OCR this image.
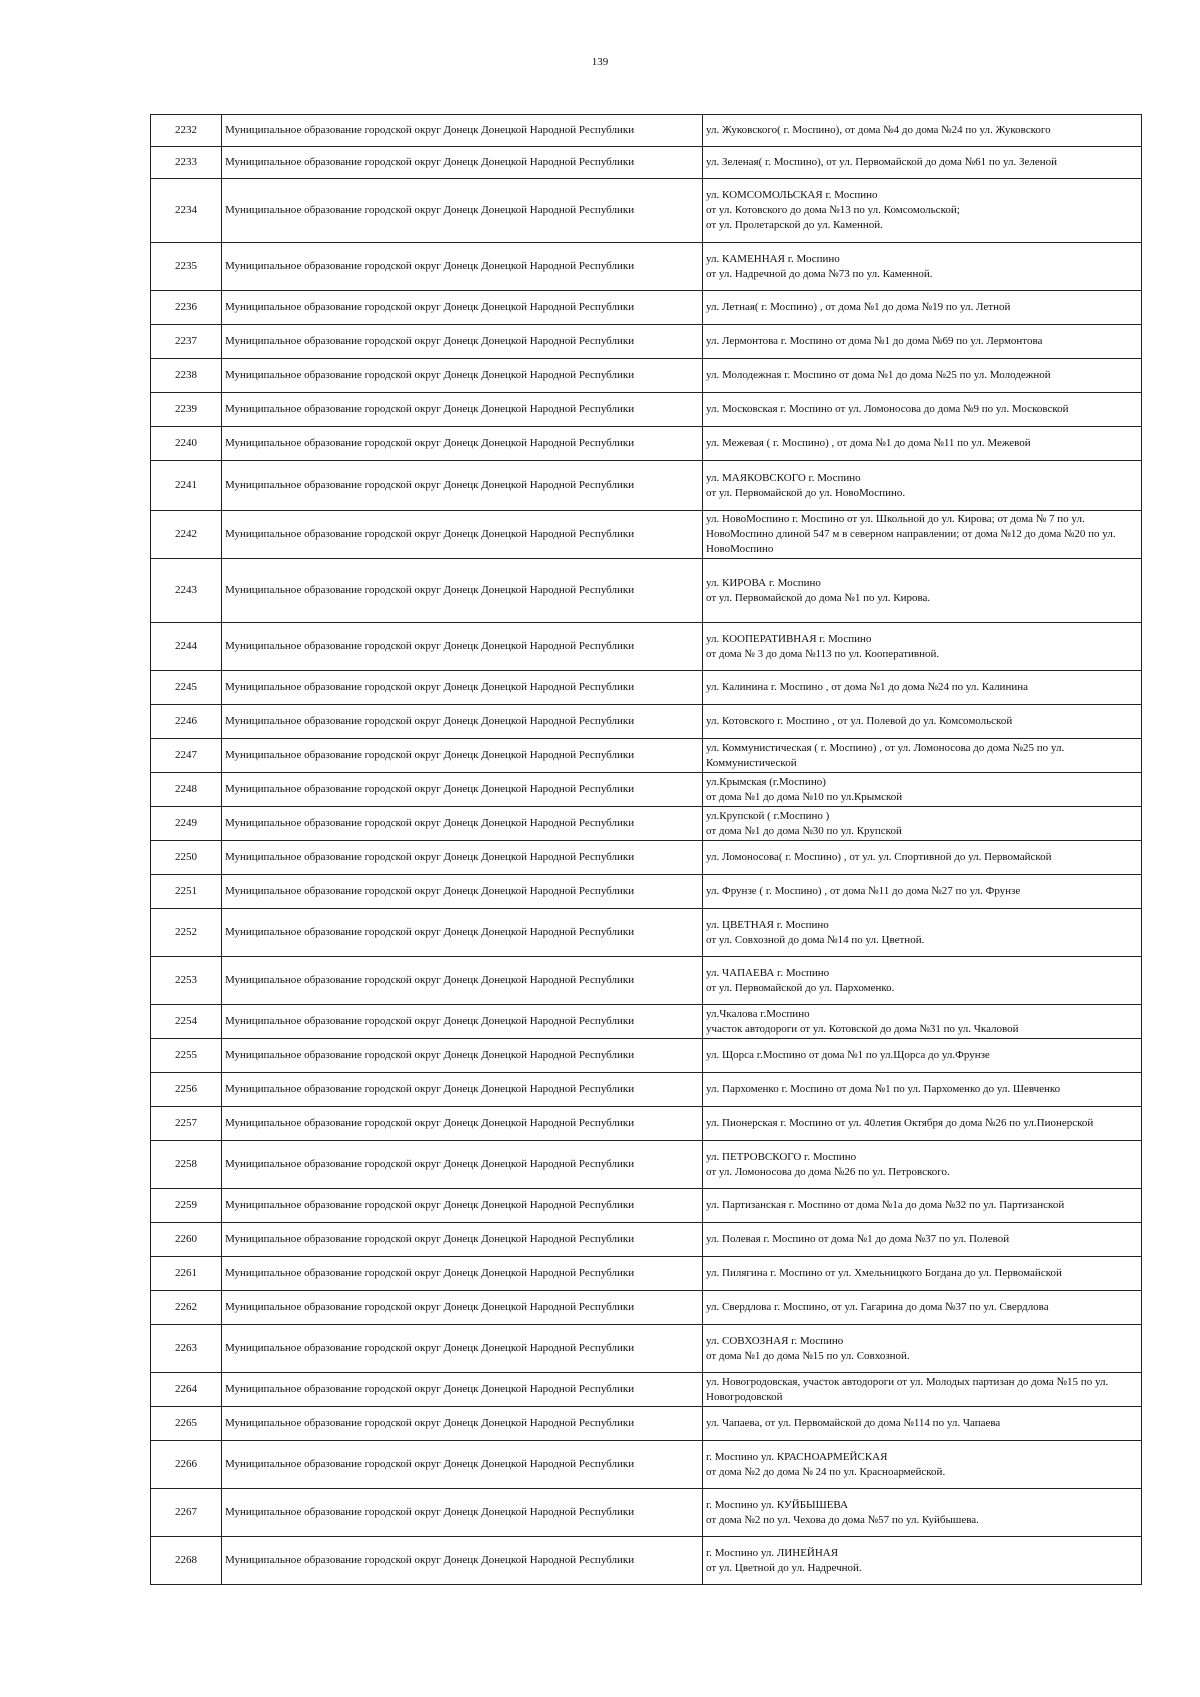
139
2232	Муниципальное образование городской округ Донецк Донецкой Народной Республики	ул. Жуковского( г. Моспино), от дома №4 до дома №24 по ул. Жуковского
2233	Муниципальное образование городской округ Донецк Донецкой Народной Республики	ул. Зеленая( г. Моспино), от ул. Первомайской до дома №61 по ул. Зеленой
2234	Муниципальное образование городской округ Донецк Донецкой Народной Республики	ул. КОМСОМОЛЬСКАЯ г. Моспино
от ул. Котовского до дома №13 по ул. Комсомольской;
от ул. Пролетарской до ул. Каменной.
2235	Муниципальное образование городской округ Донецк Донецкой Народной Республики	ул. КАМЕННАЯ г. Моспино
от ул. Надречной до дома №73 по ул. Каменной.
2236	Муниципальное образование городской округ Донецк Донецкой Народной Республики	ул. Летная( г. Моспино) , от дома №1 до дома №19 по ул. Летной
2237	Муниципальное образование городской округ Донецк Донецкой Народной Республики	ул. Лермонтова г. Моспино от дома №1 до дома №69 по ул. Лермонтова
2238	Муниципальное образование городской округ Донецк Донецкой Народной Республики	ул. Молодежная г. Моспино от дома №1 до дома №25 по ул. Молодежной
2239	Муниципальное образование городской округ Донецк Донецкой Народной Республики	ул. Московская г. Моспино от ул. Ломоносова до дома №9 по ул. Московской
2240	Муниципальное образование городской округ Донецк Донецкой Народной Республики	ул. Межевая ( г. Моспино) , от дома №1 до дома №11 по ул. Межевой
2241	Муниципальное образование городской округ Донецк Донецкой Народной Республики	ул. МАЯКОВСКОГО г. Моспино
от ул. Первомайской до ул. НовоМоспино.
2242	Муниципальное образование городской округ Донецк Донецкой Народной Республики	ул. НовоМоспино г. Моспино от ул. Школьной до ул. Кирова; от дома № 7 по ул. НовоМоспино длиной 547 м в северном направлении; от дома №12 до дома №20 по ул. НовоМоспино
2243	Муниципальное образование городской округ Донецк Донецкой Народной Республики	ул. КИРОВА г. Моспино
от ул. Первомайской до дома №1 по ул. Кирова.
2244	Муниципальное образование городской округ Донецк Донецкой Народной Республики	ул. КООПЕРАТИВНАЯ г. Моспино
от дома № 3 до дома №113 по ул. Кооперативной.
2245	Муниципальное образование городской округ Донецк Донецкой Народной Республики	ул. Калинина г. Моспино , от дома №1 до дома №24 по ул. Калинина
2246	Муниципальное образование городской округ Донецк Донецкой Народной Республики	ул. Котовского г. Моспино , от ул. Полевой до ул. Комсомольской
2247	Муниципальное образование городской округ Донецк Донецкой Народной Республики	ул. Коммунистическая ( г. Моспино) , от ул. Ломоносова до дома №25 по ул. Коммунистической
2248	Муниципальное образование городской округ Донецк Донецкой Народной Республики	ул.Крымская (г.Моспино)
от дома №1 до дома №10 по ул.Крымской
2249	Муниципальное образование городской округ Донецк Донецкой Народной Республики	ул.Крупской ( г.Моспино )
от дома №1 до дома №30 по ул. Крупской
2250	Муниципальное образование городской округ Донецк Донецкой Народной Республики	ул. Ломоносова( г. Моспино) , от ул. ул. Спортивной до ул. Первомайской
2251	Муниципальное образование городской округ Донецк Донецкой Народной Республики	ул. Фрунзе ( г. Моспино) , от дома №11 до дома №27 по ул. Фрунзе
2252	Муниципальное образование городской округ Донецк Донецкой Народной Республики	ул. ЦВЕТНАЯ г. Моспино
от ул. Совхозной до дома №14 по ул. Цветной.
2253	Муниципальное образование городской округ Донецк Донецкой Народной Республики	ул. ЧАПАЕВА г. Моспино
от ул. Первомайской до ул. Пархоменко.
2254	Муниципальное образование городской округ Донецк Донецкой Народной Республики	ул.Чкалова г.Моспино
участок автодороги от ул. Котовской до дома №31 по ул. Чкаловой
2255	Муниципальное образование городской округ Донецк Донецкой Народной Республики	ул. Щорса г.Моспино от дома №1 по ул.Щорса до ул.Фрунзе
2256	Муниципальное образование городской округ Донецк Донецкой Народной Республики	ул. Пархоменко г. Моспино от дома №1 по ул. Пархоменко до ул. Шевченко
2257	Муниципальное образование городской округ Донецк Донецкой Народной Республики	ул. Пионерская г. Моспино от ул. 40летия Октября до дома №26 по ул.Пионерской
2258	Муниципальное образование городской округ Донецк Донецкой Народной Республики	ул. ПЕТРОВСКОГО г. Моспино
от ул. Ломоносова до дома №26 по ул. Петровского.
2259	Муниципальное образование городской округ Донецк Донецкой Народной Республики	ул. Партизанская г. Моспино от дома №1а до дома №32 по ул. Партизанской
2260	Муниципальное образование городской округ Донецк Донецкой Народной Республики	ул. Полевая г. Моспино от дома №1 до дома №37 по ул. Полевой
2261	Муниципальное образование городской округ Донецк Донецкой Народной Республики	ул. Пилягина г. Моспино от ул. Хмельницкого Богдана до ул. Первомайской
2262	Муниципальное образование городской округ Донецк Донецкой Народной Республики	ул. Свердлова г. Моспино, от ул. Гагарина до дома №37 по ул. Свердлова
2263	Муниципальное образование городской округ Донецк Донецкой Народной Республики	ул. СОВХОЗНАЯ г. Моспино
от дома №1 до дома №15 по ул. Совхозной.
2264	Муниципальное образование городской округ Донецк Донецкой Народной Республики	ул. Новогродовская, участок автодороги от ул. Молодых партизан до дома №15 по ул. Новогродовской
2265	Муниципальное образование городской округ Донецк Донецкой Народной Республики	ул. Чапаева, от ул. Первомайской до дома №114 по ул. Чапаева
2266	Муниципальное образование городской округ Донецк Донецкой Народной Республики	г. Моспино ул. КРАСНОАРМЕЙСКАЯ
от дома №2 до дома № 24 по ул. Красноармейской.
2267	Муниципальное образование городской округ Донецк Донецкой Народной Республики	г. Моспино ул. КУЙБЫШЕВА
от дома №2 по ул. Чехова до дома №57 по ул. Куйбышева.
2268	Муниципальное образование городской округ Донецк Донецкой Народной Республики	г. Моспино ул. ЛИНЕЙНАЯ
от ул. Цветной до ул. Надречной.
